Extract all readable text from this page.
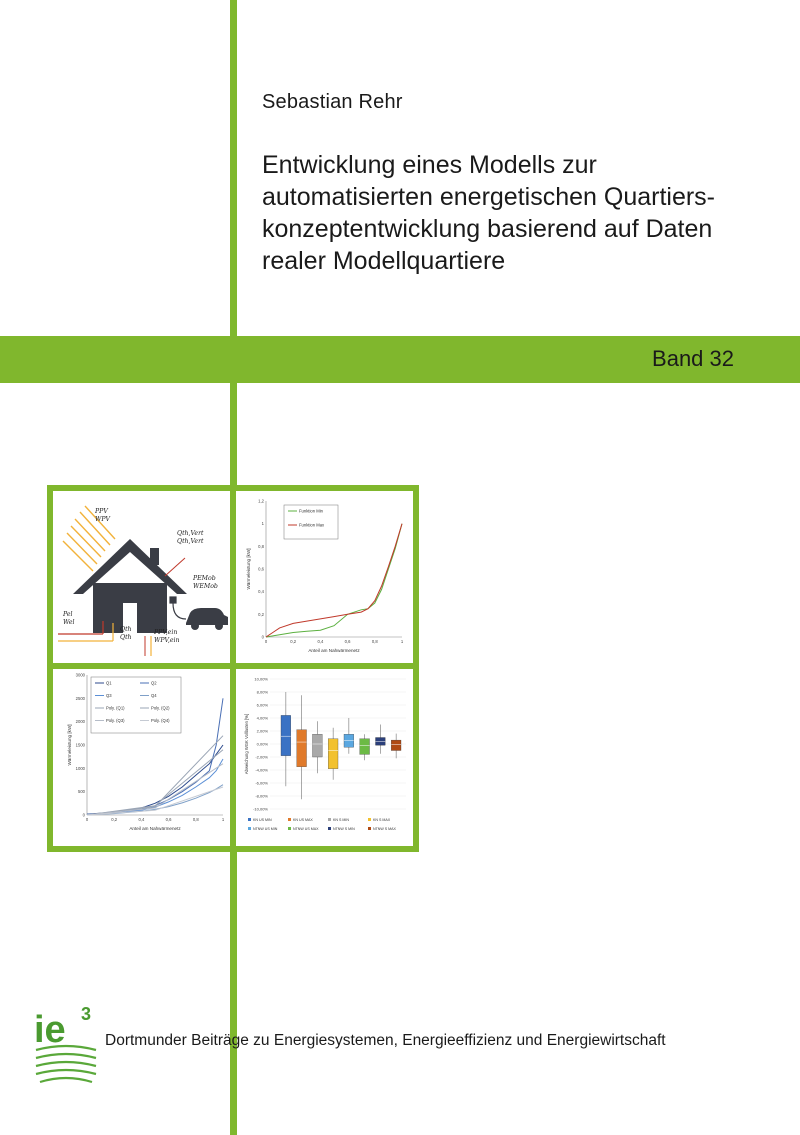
Sebastian Rehr
Entwicklung eines Modells zur
automatisierten energetischen Quartiers-
konzeptentwicklung basierend auf Daten
realer Modellquartiere
Band 32
PPV
WPV
Qth,Vert
Qth,Vert
PEMob
WEMob
Pel
Wel
Qth
Qth
PPV,ein
WPV,ein	0
0,2
0,4
0,6
0,8
1
1,2
0	0,2	0,4	0,6	0,8	1
Anteil am Nahwärmenetz
Wärmeleistung [kW]
Funktion Min
Funktion Max
0
500
1000
1500
2000
2500
3000
0	0,2	0,4	0,6	0,8	1
Anteil am Nahwärmenetz
Wärmeleistung [kW]
Q1	Q2
Q3	Q4
Poly. (Q1)	Poly. (Q2)
Poly. (Q3)	Poly. (Q4)
-10,00%
-8,00%
-6,00%
-4,00%
-2,00%
0,00%
2,00%
4,00%
6,00%
8,00%
10,00%
Abweichung WGK Volllasten [%]
KN US MIN	KN US MAX	KN S MIN	KN S MAX
NTNW US MIN	NTNW US MAX	NTNW S MIN	NTNW S MAX
ie 3
Dortmunder Beiträge zu Energiesystemen, Energieeffizienz und Energiewirtschaft
